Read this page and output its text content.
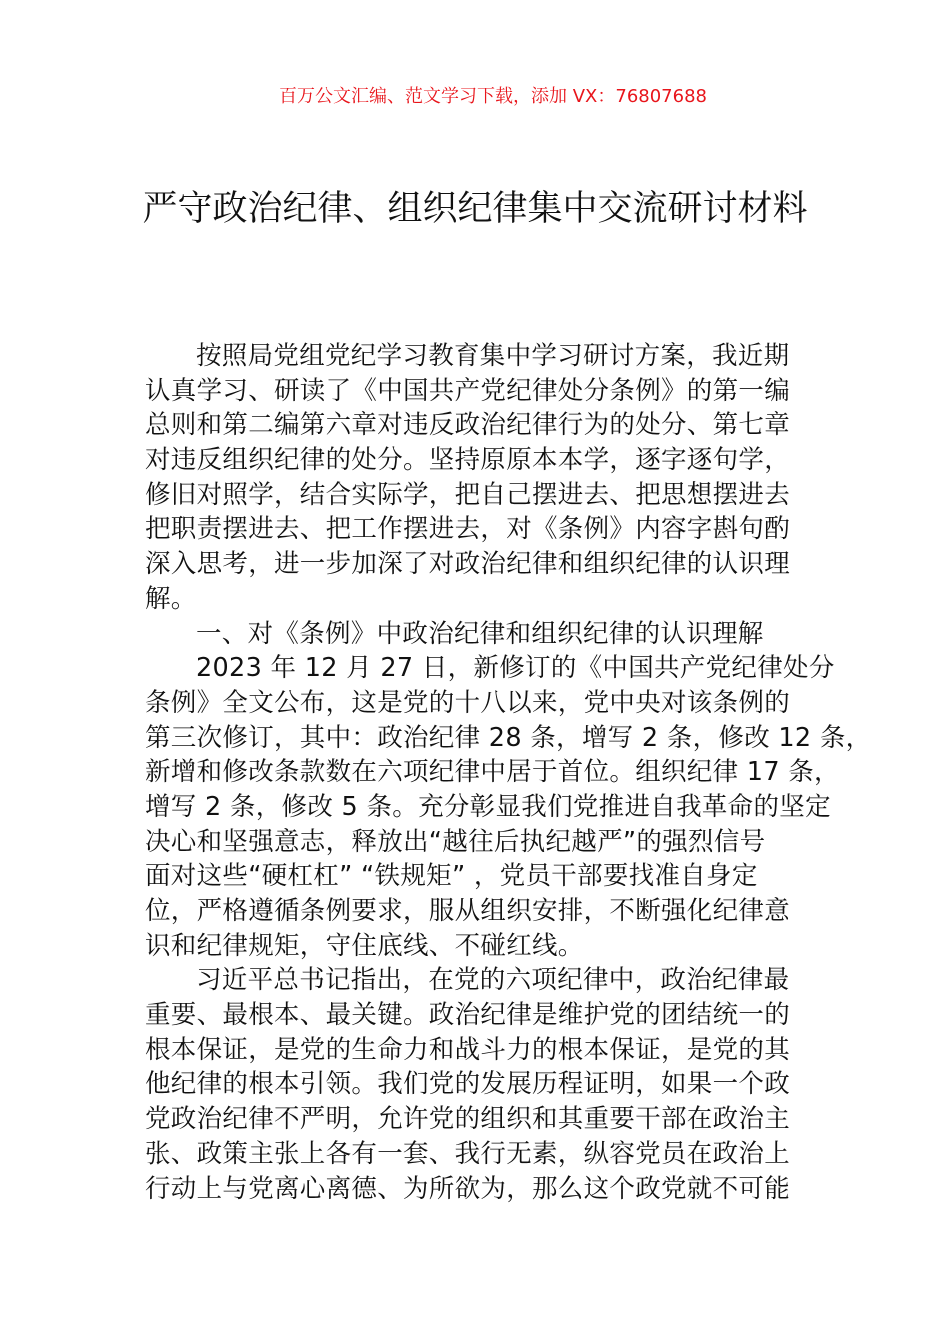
百万公文汇编、范文学习下载，添加 VX：76807688
严守政治纪律、组织纪律集中交流研讨材料
按照局党组党纪学习教育集中学习研讨方案，我近期
认真学习、研读了《中国共产党纪律处分条例》的第一编
总则和第二编第六章对违反政治纪律行为的处分、第七章
对违反组织纪律的处分。坚持原原本本学，逐字逐句学，
修旧对照学，结合实际学，把自己摆进去、把思想摆进去
把职责摆进去、把工作摆进去，对《条例》内容字斟句酌
深入思考，进一步加深了对政治纪律和组织纪律的认识理
解。
一、对《条例》中政治纪律和组织纪律的认识理解
2023 年 12 月 27 日，新修订的《中国共产党纪律处分
条例》全文公布，这是党的十八以来，党中央对该条例的
第三次修订，其中：政治纪律 28 条，增写 2 条，修改 12 条，
新增和修改条款数在六项纪律中居于首位。组织纪律 17 条，
增写 2 条，修改 5 条。充分彰显我们党推进自我革命的坚定
决心和坚强意志，释放出“越往后执纪越严”的强烈信号
面对这些“硬杠杠” “铁规矩” ，党员干部要找准自身定
位，严格遵循条例要求，服从组织安排，不断强化纪律意
识和纪律规矩，守住底线、不碰红线。
习近平总书记指出，在党的六项纪律中，政治纪律最
重要、最根本、最关键。政治纪律是维护党的团结统一的
根本保证，是党的生命力和战斗力的根本保证，是党的其
他纪律的根本引领。我们党的发展历程证明，如果一个政
党政治纪律不严明，允许党的组织和其重要干部在政治主
张、政策主张上各有一套、我行无素，纵容党员在政治上
行动上与党离心离德、为所欲为，那么这个政党就不可能
